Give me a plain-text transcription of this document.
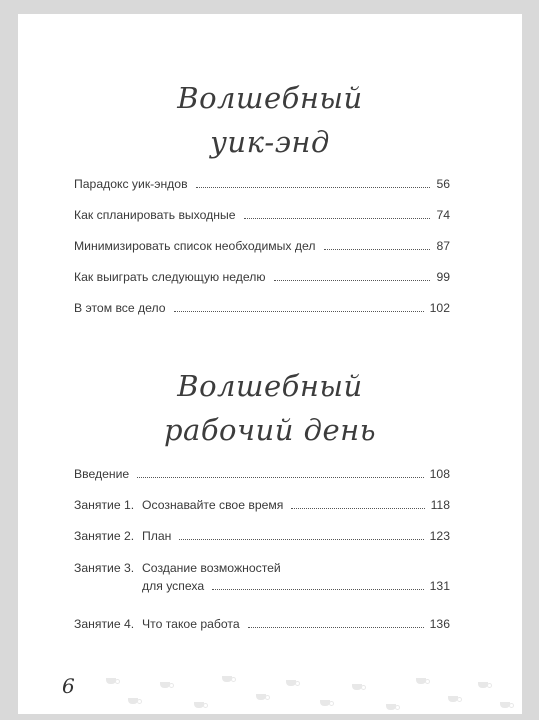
Волшебный
уик-энд
Парадокс уик-эндов	56
Как спланировать выходные	74
Минимизировать список необходимых дел	87
Как выиграть следующую неделю	99
В этом все дело	102
Волшебный
рабочий день
Введение	108
Занятие 1. Осознавайте свое время	118
Занятие 2. План	123
Занятие 3. Создание возможностей
для успеха	131
Занятие 4. Что такое работа	136
6
